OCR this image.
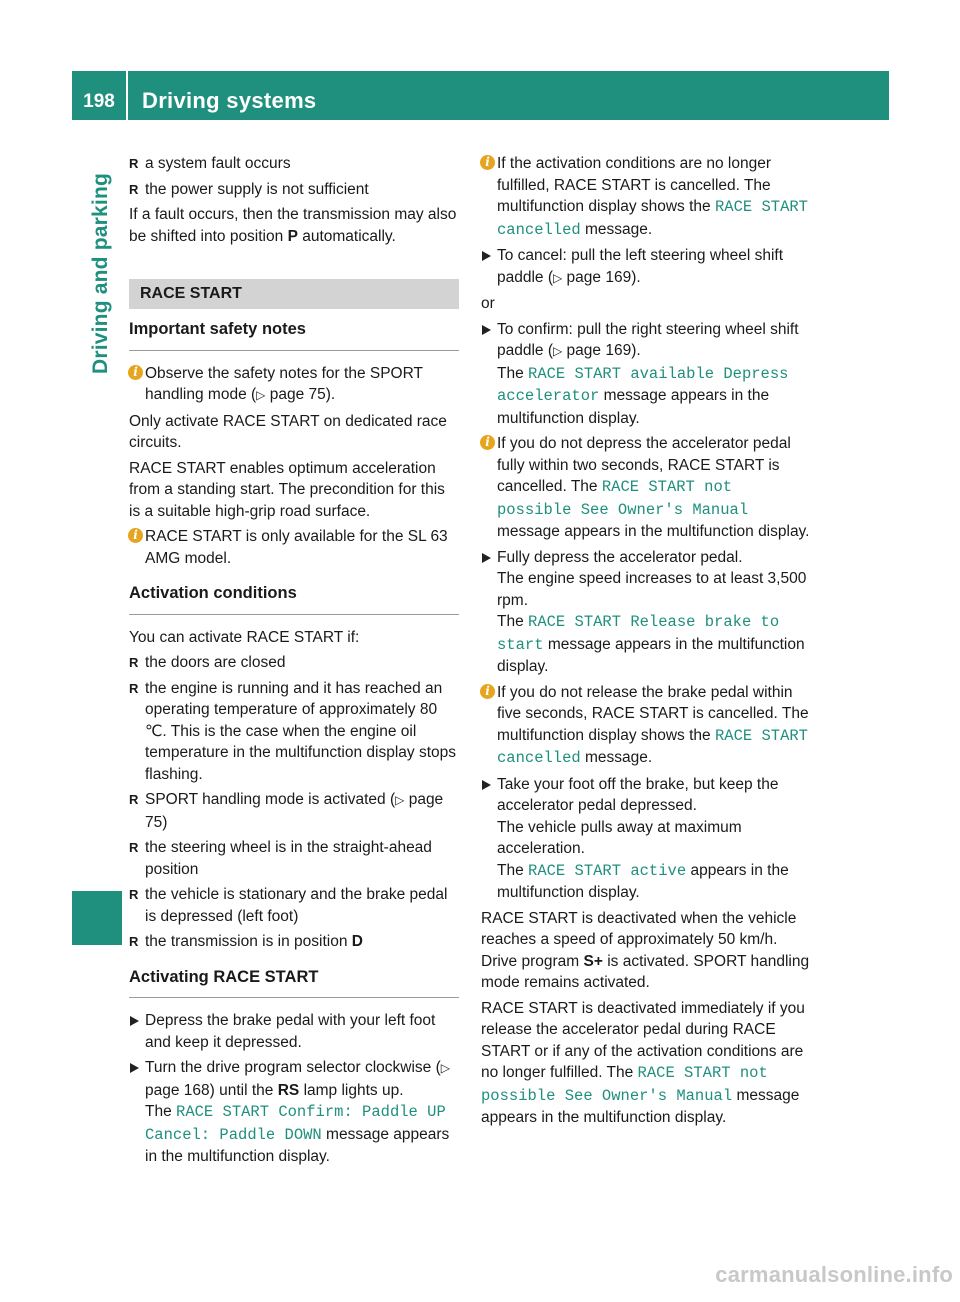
198	Driving systems
Driving and parking
R a system fault occurs
R the power supply is not sufficient

If a fault occurs, then the transmission may also be shifted into position P automatically.

RACE START
Important safety notes
i Observe the safety notes for the SPORT handling mode (▷ page 75).

Only activate RACE START on dedicated race circuits.

RACE START enables optimum acceleration from a standing start. The precondition for this is a suitable high-grip road surface.

i RACE START is only available for the SL 63 AMG model.
Activation conditions

You can activate RACE START if:

R the doors are closed
R the engine is running and it has reached an operating temperature of approximately 80 ℃. This is the case when the engine oil temperature in the multifunction display stops flashing.
R SPORT handling mode is activated (▷ page 75)
R the steering wheel is in the straight-ahead position
R the vehicle is stationary and the brake pedal is depressed (left foot)
R the transmission is in position D
Activating RACE START
Depress the brake pedal with your left foot and keep it depressed.
Turn the drive program selector clockwise (▷ page 168) until the RS lamp lights up.
The RACE START Confirm: Paddle UP Cancel: Paddle DOWN message appears in the multifunction display.
i If the activation conditions are no longer fulfilled, RACE START is cancelled. The multifunction display shows the RACE START cancelled message.
To cancel: pull the left steering wheel shift paddle (▷ page 169).

or

To confirm: pull the right steering wheel shift paddle (▷ page 169).
The RACE START available Depress accelerator message appears in the multifunction display.
i If you do not depress the accelerator pedal fully within two seconds, RACE START is cancelled. The RACE START not possible See Owner's Manual message appears in the multifunction display.
Fully depress the accelerator pedal.
The engine speed increases to at least 3,500 rpm.
The RACE START Release brake to start message appears in the multifunction display.
i If you do not release the brake pedal within five seconds, RACE START is cancelled. The multifunction display shows the RACE START cancelled message.
Take your foot off the brake, but keep the accelerator pedal depressed.
The vehicle pulls away at maximum acceleration.
The RACE START active appears in the multifunction display.

RACE START is deactivated when the vehicle reaches a speed of approximately 50 km/h. Drive program S+ is activated. SPORT handling mode remains activated.

RACE START is deactivated immediately if you release the accelerator pedal during RACE START or if any of the activation conditions are no longer fulfilled. The RACE START not possible See Owner's Manual message appears in the multifunction display.

carmanualsonline.info
